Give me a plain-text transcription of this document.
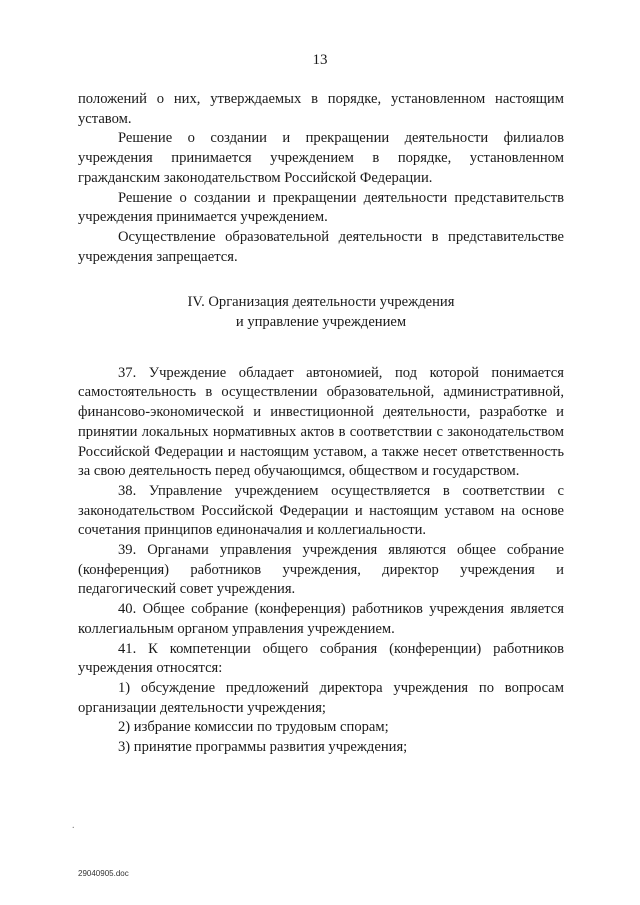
13

положений о них, утверждаемых в порядке, установленном настоящим уставом.

Решение о создании и прекращении деятельности филиалов учреждения принимается учреждением в порядке, установленном гражданским законодательством Российской Федерации.

Решение о создании и прекращении деятельности представительств учреждения принимается учреждением.

Осуществление образовательной деятельности в представительстве учреждения запрещается.

IV. Организация деятельности учреждения
и управление учреждением

37. Учреждение обладает автономией, под которой понимается самостоятельность в осуществлении образовательной, административной, финансово-экономической и инвестиционной деятельности, разработке и принятии локальных нормативных актов в соответствии с законодательством Российской Федерации и настоящим уставом, а также несет ответственность за свою деятельность перед обучающимся, обществом и государством.

38. Управление учреждением осуществляется в соответствии с законодательством Российской Федерации и настоящим уставом на основе сочетания принципов единоначалия и коллегиальности.

39. Органами управления учреждения являются общее собрание (конференция) работников учреждения, директор учреждения и педагогический совет учреждения.

40. Общее собрание (конференция) работников учреждения является коллегиальным органом управления учреждением.

41. К компетенции общего собрания (конференции) работников учреждения относятся:

1) обсуждение предложений директора учреждения по вопросам организации деятельности учреждения;

2) избрание комиссии по трудовым спорам;

3) принятие программы развития учреждения;

.
29040905.doc
